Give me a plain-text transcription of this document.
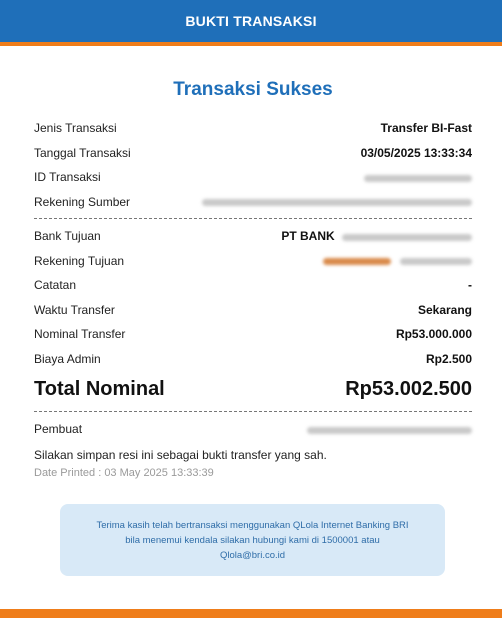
BUKTI TRANSAKSI
Transaksi Sukses
Jenis Transaksi	Transfer BI-Fast
Tanggal Transaksi	03/05/2025 13:33:34
ID Transaksi
Rekening Sumber
Bank Tujuan	PT BANK
Rekening Tujuan

Catatan	-
Waktu Transfer	Sekarang
Nominal Transfer	Rp53.000.000
Biaya Admin	Rp2.500
Total Nominal	Rp53.002.500
Pembuat
Silakan simpan resi ini sebagai bukti transfer yang sah.
Date Printed : 03 May 2025 13:33:39
Terima kasih telah bertransaksi menggunakan QLola Internet Banking BRI
bila menemui kendala silakan hubungi kami di 1500001 atau
Qlola@bri.co.id
